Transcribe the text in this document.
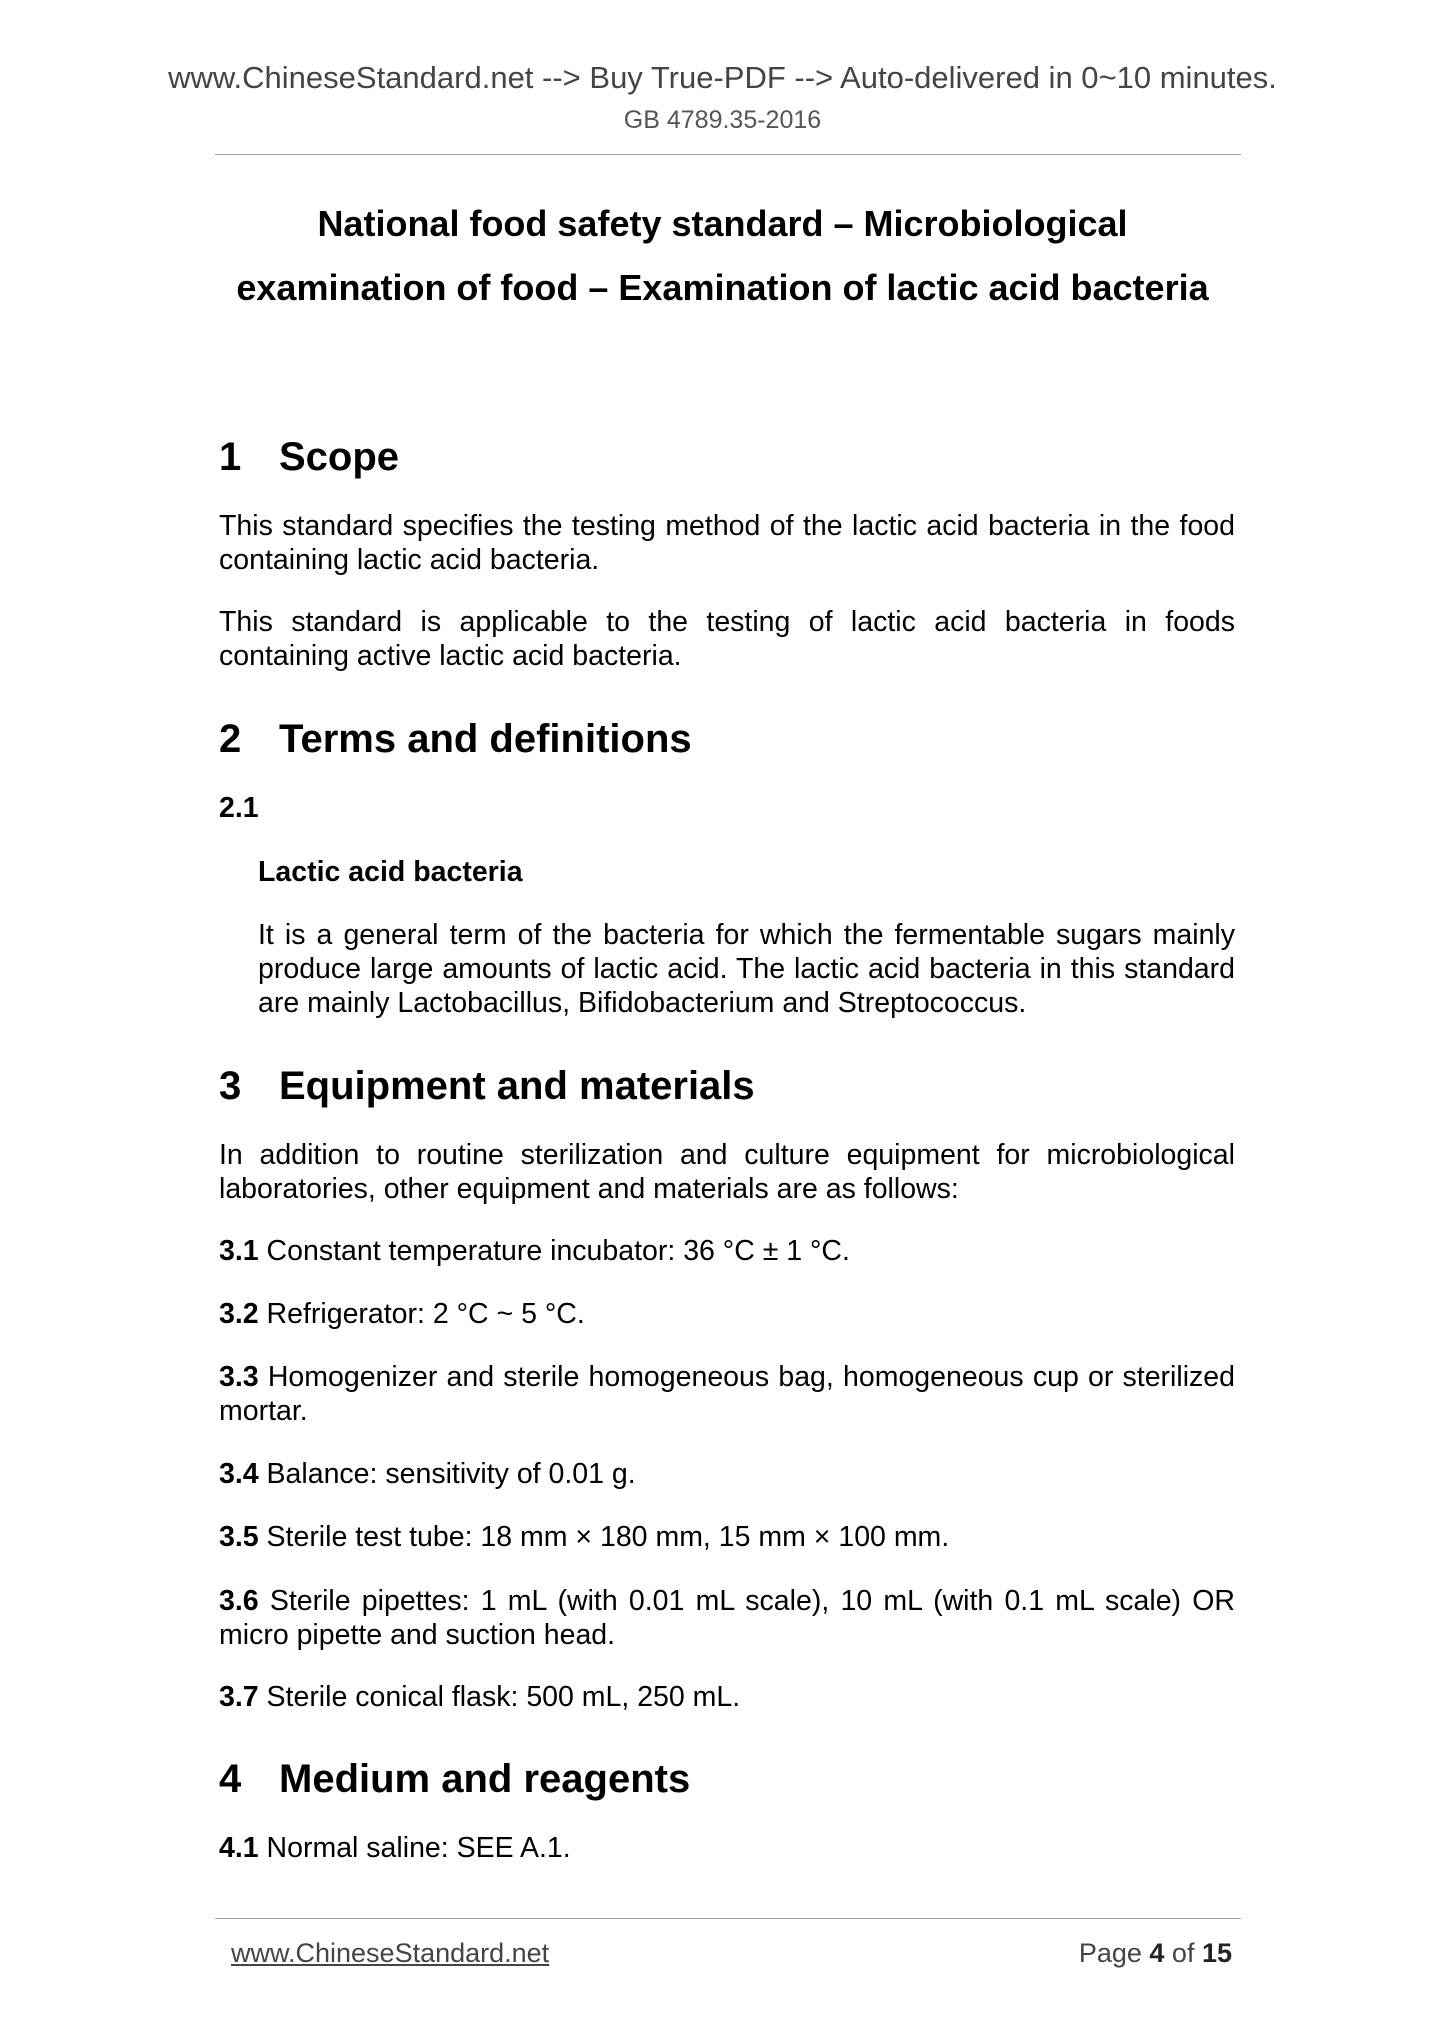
www.ChineseStandard.net --> Buy True-PDF --> Auto-delivered in 0~10 minutes.
GB 4789.35-2016
National food safety standard – Microbiological
examination of food – Examination of lactic acid bacteria
1 Scope
This standard specifies the testing method of the lactic acid bacteria in the food containing lactic acid bacteria.
This standard is applicable to the testing of lactic acid bacteria in foods containing active lactic acid bacteria.
2 Terms and definitions
2.1
Lactic acid bacteria
It is a general term of the bacteria for which the fermentable sugars mainly produce large amounts of lactic acid. The lactic acid bacteria in this standard are mainly Lactobacillus, Bifidobacterium and Streptococcus.
3 Equipment and materials
In addition to routine sterilization and culture equipment for microbiological laboratories, other equipment and materials are as follows:
3.1 Constant temperature incubator: 36 °C ± 1 °C.
3.2 Refrigerator: 2 °C ~ 5 °C.
3.3 Homogenizer and sterile homogeneous bag, homogeneous cup or sterilized mortar.
3.4 Balance: sensitivity of 0.01 g.
3.5 Sterile test tube: 18 mm × 180 mm, 15 mm × 100 mm.
3.6 Sterile pipettes: 1 mL (with 0.01 mL scale), 10 mL (with 0.1 mL scale) OR micro pipette and suction head.
3.7 Sterile conical flask: 500 mL, 250 mL.
4 Medium and reagents
4.1 Normal saline: SEE A.1.
www.ChineseStandard.net	Page 4 of 15
